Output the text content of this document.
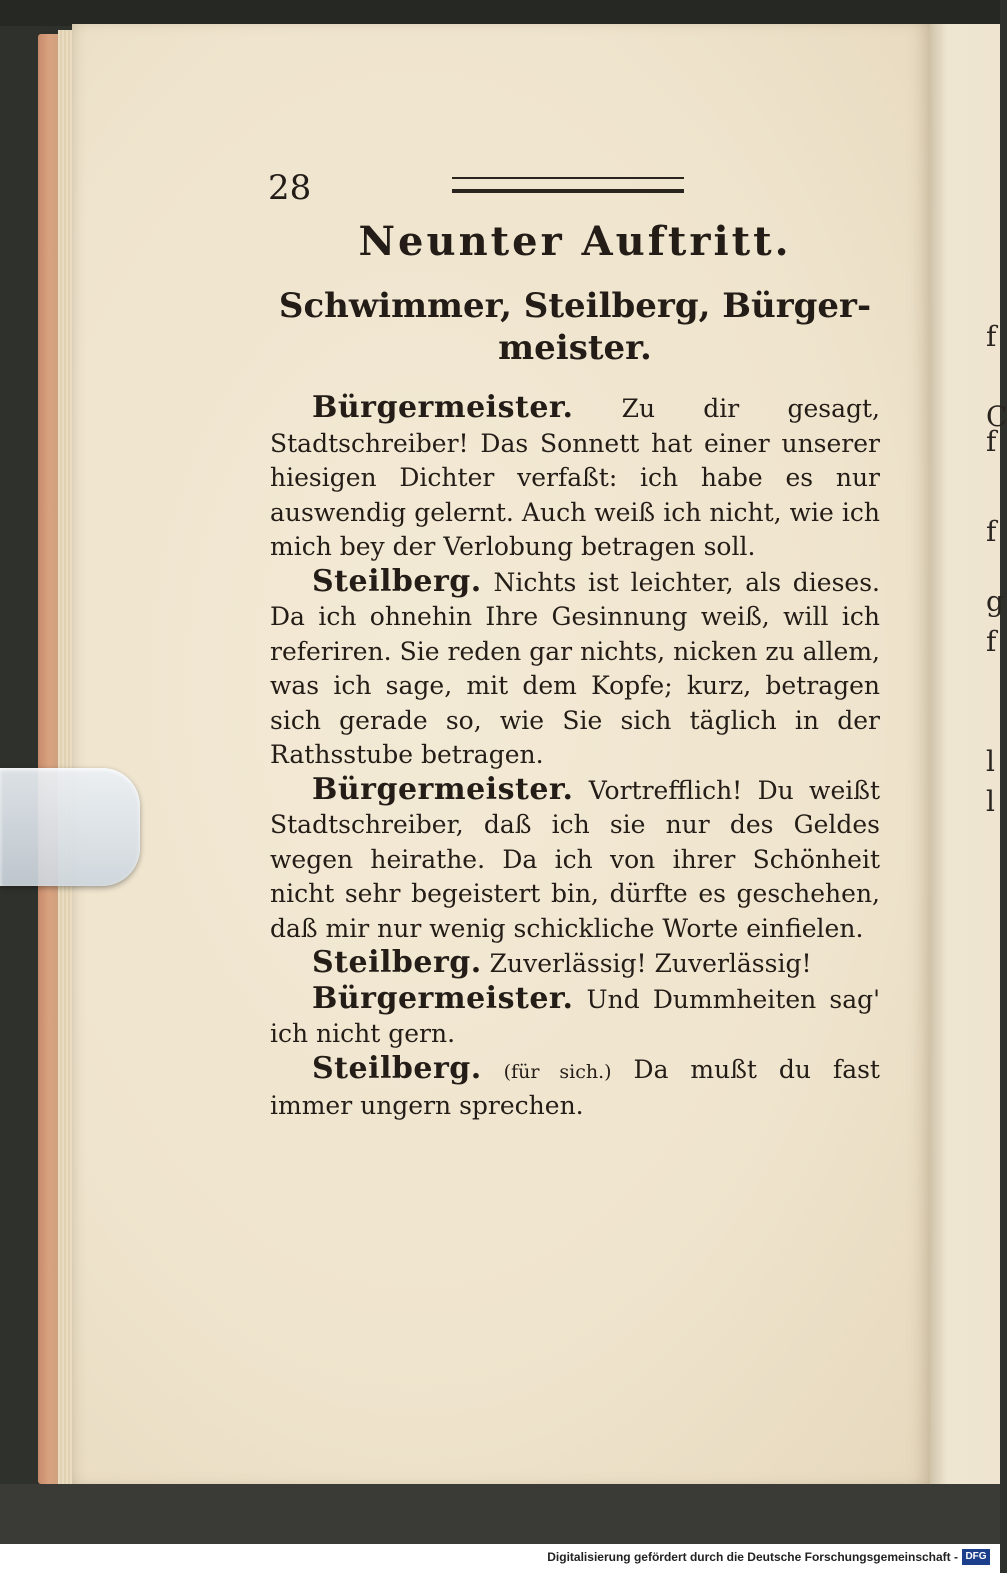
f
C
f
f
g
f
l
l
28
Neunter Auftritt.

Schwimmer, Steilberg, Bürger- meister.

Bürgermeister. Zu dir gesagt, Stadtschreiber! Das Sonnett hat einer unserer hiesigen Dichter verfaßt: ich habe es nur auswendig gelernt. Auch weiß ich nicht, wie ich mich bey der Verlobung betragen soll.

Steilberg. Nichts ist leichter, als dieses. Da ich ohnehin Ihre Gesinnung weiß, will ich referiren. Sie reden gar nichts, nicken zu allem, was ich sage, mit dem Kopfe; kurz, betragen sich gerade so, wie Sie sich täglich in der Rathsstube betragen.

Bürgermeister. Vortrefflich! Du weißt Stadtschreiber, daß ich sie nur des Geldes wegen heirathe. Da ich von ihrer Schönheit nicht sehr begeistert bin, dürfte es geschehen, daß mir nur wenig schickliche Worte einfielen.

Steilberg. Zuverlässig! Zuverlässig!

Bürgermeister. Und Dummheiten sag' ich nicht gern.

Steilberg. (für sich.) Da mußt du fast immer ungern sprechen.

Digitalisierung gefördert durch die Deutsche Forschungsgemeinschaft - DFG
